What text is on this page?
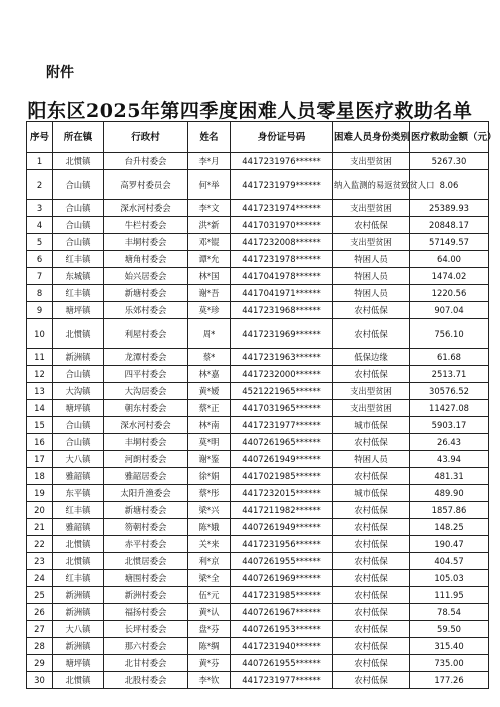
附件
阳东区2025年第四季度困难人员零星医疗救助名单
序号	所在镇	行政村	姓名	身份证号码	困难人员身份类别	医疗救助金额（元）
1	北惯镇	台升村委会	李*月	4417231976******	支出型贫困	5267.30
2	合山镇	高罗村委员会	何*举	4417231979******	纳入监测的易返贫致贫人口	8.06
3	合山镇	深水河村委会	李*文	4417231974******	支出型贫困	25389.93
4	合山镇	牛栏村委会	洪*新	4417031970******	农村低保	20848.17
5	合山镇	丰垌村委会	邓*锟	4417232008******	支出型贫困	57149.57
6	红丰镇	塘角村委会	谭*允	4417231978******	特困人员	64.00
7	东城镇	始兴居委会	林*国	4417041978******	特困人员	1474.02
8	红丰镇	新塘村委会	谢*吾	4417041971******	特困人员	1220.56
9	塘坪镇	乐郊村委会	莫*珍	4417231968******	农村低保	907.04
10	北惯镇	利屋村委会	周*	4417231969******	农村低保	756.10
11	新洲镇	龙潭村委会	蔡*	4417231963******	低保边缘	61.68
12	合山镇	四平村委会	林*嘉	4417232000******	农村低保	2513.71
13	大沟镇	大沟居委会	黄*嫒	4521221965******	支出型贫困	30576.52
14	塘坪镇	朝东村委会	蔡*正	4417031965******	支出型贫困	11427.08
15	合山镇	深水河村委会	林*南	4417231977******	城市低保	5903.17
16	合山镇	丰垌村委会	莫*明	4407261965******	农村低保	26.43
17	大八镇	河朗村委会	谢*鉴	4407261949******	特困人员	43.94
18	雅韶镇	雅韶居委会	徐*娟	4417021985******	农村低保	481.31
19	东平镇	太阳升渔委会	蔡*彤	4417232015******	城市低保	489.90
20	红丰镇	新塘村委会	梁*兴	4417211982******	农村低保	1857.86
21	雅韶镇	笏朝村委会	陈*娥	4407261949******	农村低保	148.25
22	北惯镇	赤平村委会	关*来	4417231956******	农村低保	190.47
23	北惯镇	北惯居委会	利*京	4407261955******	农村低保	404.57
24	红丰镇	塘围村委会	梁*全	4407261969******	农村低保	105.03
25	新洲镇	新洲村委会	伍*元	4417231985******	农村低保	111.95
26	新洲镇	福扬村委会	黄*认	4407261967******	农村低保	78.54
27	大八镇	长坪村委会	盘*芬	4407261953******	农村低保	59.50
28	新洲镇	那六村委会	陈*绸	4417231940******	农村低保	315.40
29	塘坪镇	北甘村委会	黄*芬	4407261955******	农村低保	735.00
30	北惯镇	北股村委会	李*钦	4417231977******	农村低保	177.26
